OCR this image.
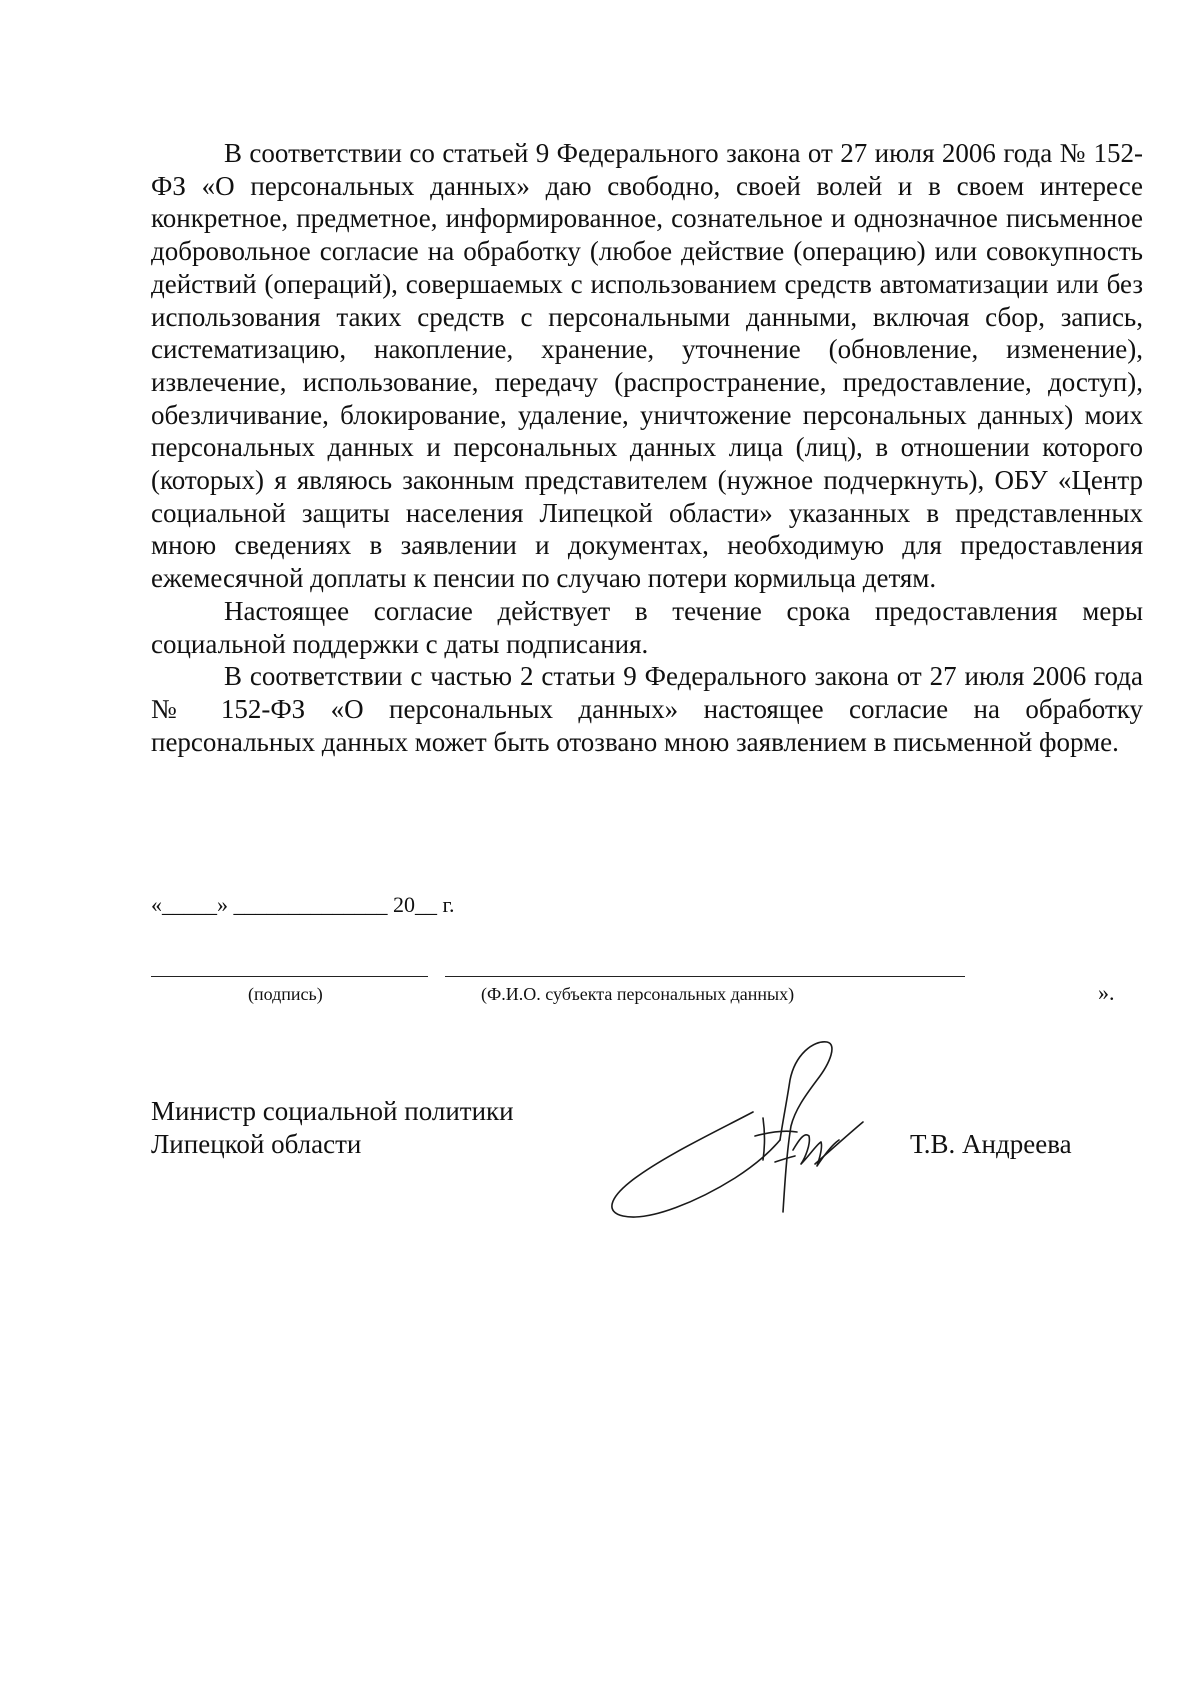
В соответствии со статьей 9 Федерального закона от 27 июля 2006 года № 152-ФЗ «О персональных данных» даю свободно, своей волей и в своем интересе конкретное, предметное, информированное, сознательное и однозначное письменное добровольное согласие на обработку (любое действие (операцию) или совокупность действий (операций), совершаемых с использованием средств автоматизации или без использования таких средств с персональными данными, включая сбор, запись, систематизацию, накопление, хранение, уточнение (обновление, изменение), извлечение, использование, передачу (распространение, предоставление, доступ), обезличивание, блокирование, удаление, уничтожение персональных данных) моих персональных данных и персональных данных лица (лиц), в отношении которого (которых) я являюсь законным представителем (нужное подчеркнуть), ОБУ «Центр социальной защиты населения Липецкой области» указанных в представленных мною сведениях в заявлении и документах, необходимую для предоставления ежемесячной доплаты к пенсии по случаю потери кормильца детям.

Настоящее согласие действует в течение срока предоставления меры социальной поддержки с даты подписания.

В соответствии с частью 2 статьи 9 Федерального закона от 27 июля 2006 года № 152-ФЗ «О персональных данных» настоящее согласие на обработку персональных данных может быть отозвано мною заявлением в письменной форме.

«_____» ______________ 20__ г.
(подпись)	(Ф.И.О. субъекта персональных данных)	».
Министр социальной политики
Липецкой области	Т.В. Андреева
